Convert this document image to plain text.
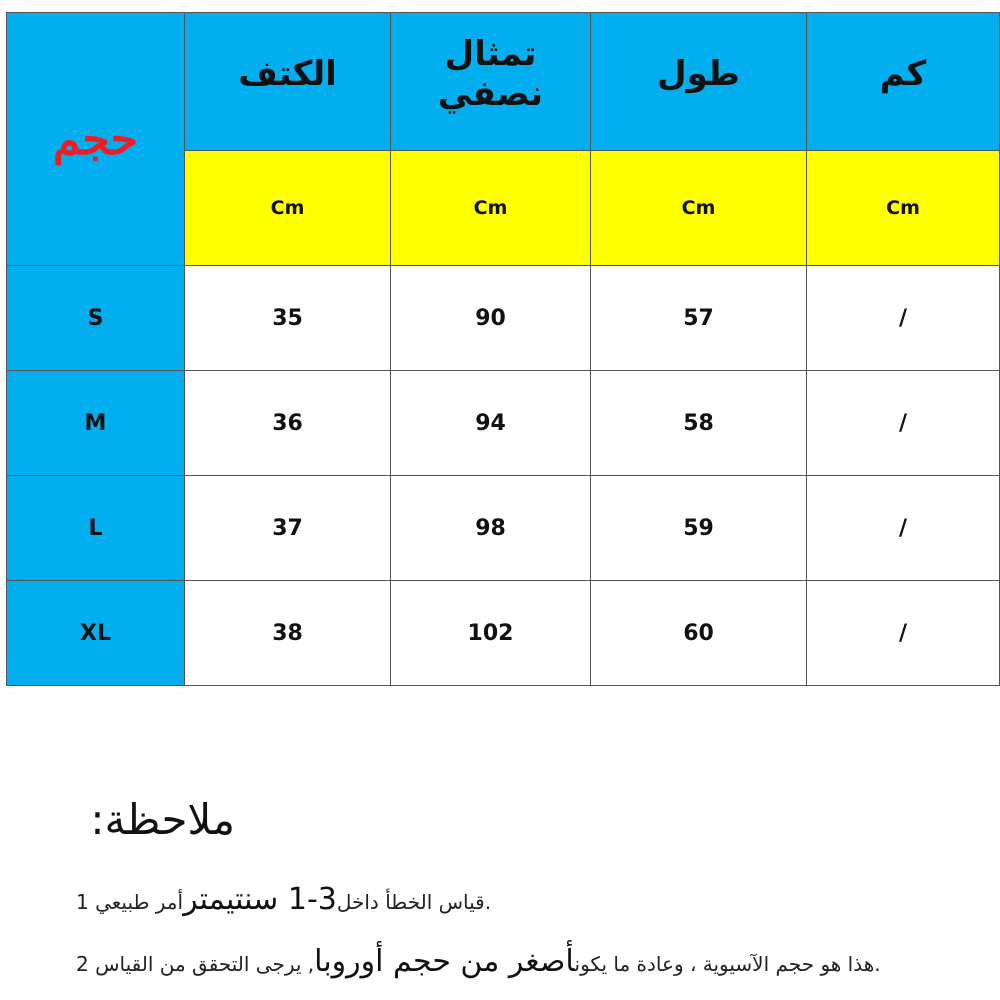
حجم	الكتف	تمثال نصفي	طول	كم
	Cm	Cm	Cm	Cm
S	35	90	57	/
M	36	94	58	/
L	37	98	59	/
XL	38	102	60	/
ملاحظة:
قياس الخطأ داخل3-1 سنتيمترأمر طبيعي 1.
هذا هو حجم الآسيوية ، وعادة ما يكونأصغر من حجم أوروبا, يرجى التحقق من القياس 2.
